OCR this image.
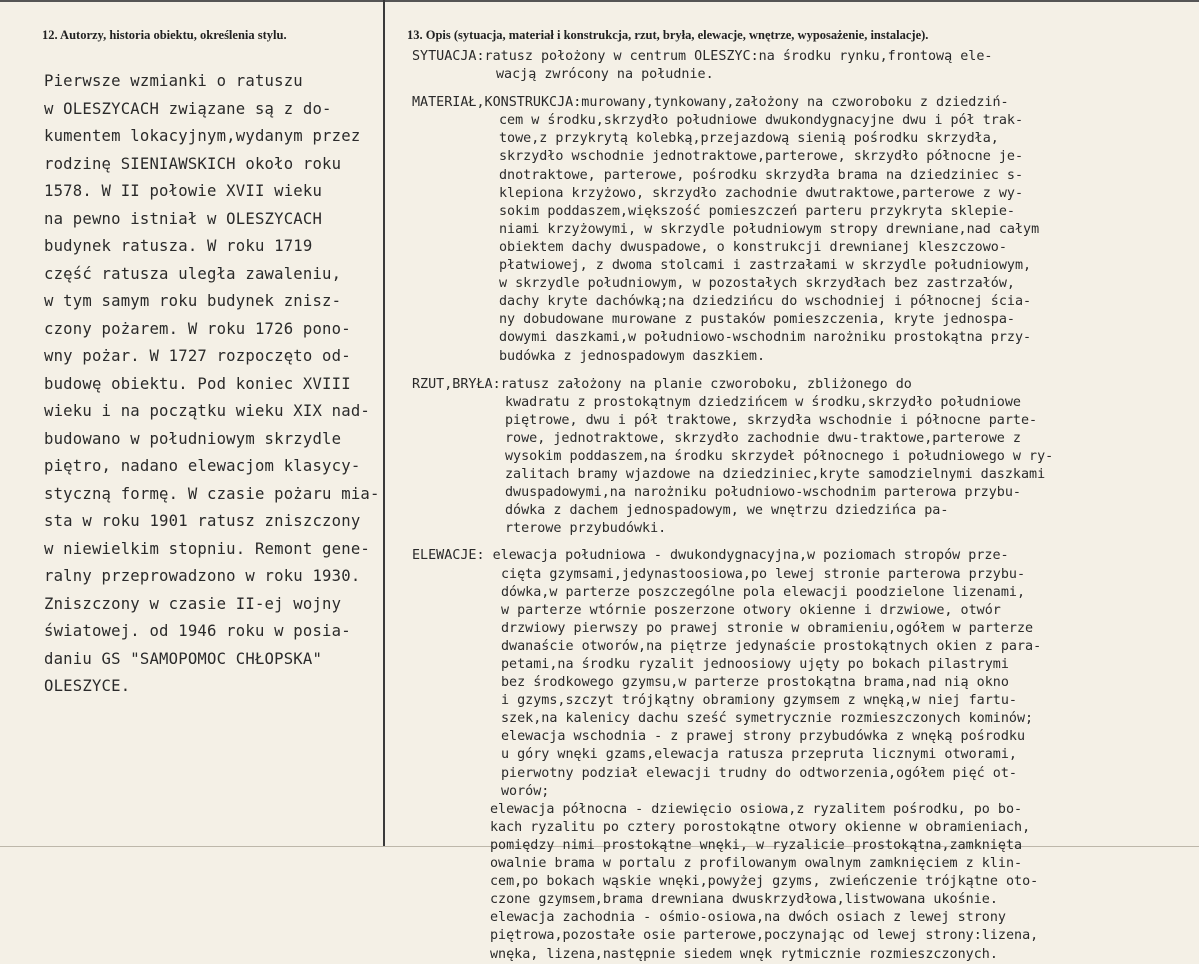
12. Autorzy, historia obiektu, określenia stylu.	13. Opis (sytuacja, materiał i konstrukcja, rzut, bryła, elewacje, wnętrze, wyposażenie, instalacje).
Pierwsze wzmianki o ratuszu
w OLESZYCACH związane są z do-
kumentem lokacyjnym,wydanym przez
rodzinę SIENIAWSKICH około roku
1578. W II połowie XVII wieku
na pewno istniał w OLESZYCACH
budynek ratusza. W roku 1719
część ratusza uległa zawaleniu,
w tym samym roku budynek znisz-
czony pożarem. W roku 1726 pono-
wny pożar. W 1727 rozpoczęto od-
budowę obiektu. Pod koniec XVIII
wieku i na początku wieku XIX nad-
budowano w południowym skrzydle
piętro, nadano elewacjom klasycy-
styczną formę. W czasie pożaru mia-
sta w roku 1901 ratusz zniszczony
w niewielkim stopniu. Remont gene-
ralny przeprowadzono w roku 1930.
Zniszczony w czasie II-ej wojny
światowej. od 1946 roku w posia-
daniu GS "SAMOPOMOC CHŁOPSKA"
OLESZYCE.
SYTUACJA:ratusz położony w centrum OLESZYC:na środku rynku,frontową ele-
wacją zwrócony na południe.
MATERIAŁ,KONSTRUKCJA:murowany,tynkowany,założony na czworoboku z dziedziń-
cem w środku,skrzydło południowe dwukondygnacyjne dwu i pół trak-
towe,z przykrytą kolebką,przejazdową sienią pośrodku skrzydła,
skrzydło wschodnie jednotraktowe,parterowe, skrzydło północne je-
dnotraktowe, parterowe, pośrodku skrzydła brama na dziedziniec s-
klepiona krzyżowo, skrzydło zachodnie dwutraktowe,parterowe z wy-
sokim poddaszem,większość pomieszczeń parteru przykryta sklepie-
niami krzyżowymi, w skrzydle południowym stropy drewniane,nad całym
obiektem dachy dwuspadowe, o konstrukcji drewnianej kleszczowo-
płatwiowej, z dwoma stolcami i zastrzałami w skrzydle południowym,
w skrzydle południowym, w pozostałych skrzydłach bez zastrzałów,
dachy kryte dachówką;na dziedzińcu do wschodniej i północnej ścia-
ny dobudowane murowane z pustaków pomieszczenia, kryte jednospa-
dowymi daszkami,w południowo-wschodnim narożniku prostokątna przy-
budówka z jednospadowym daszkiem.
RZUT,BRYŁA:ratusz założony na planie czworoboku, zbliżonego do
kwadratu z prostokątnym dziedzińcem w środku,skrzydło południowe
piętrowe, dwu i pół traktowe, skrzydła wschodnie i północne parte-
rowe, jednotraktowe, skrzydło zachodnie dwu-traktowe,parterowe z
wysokim poddaszem,na środku skrzydeł północnego i południowego w ry-
zalitach bramy wjazdowe na dziedziniec,kryte samodzielnymi daszkami
dwuspadowymi,na narożniku południowo-wschodnim parterowa przybu-
dówka z dachem jednospadowym, we wnętrzu dziedzińca pa-
rterowe przybudówki.
ELEWACJE: elewacja południowa - dwukondygnacyjna,w poziomach stropów prze-
cięta gzymsami,jedynastoosiowa,po lewej stronie parterowa przybu-
dówka,w parterze poszczególne pola elewacji poodzielone lizenami,
w parterze wtórnie poszerzone otwory okienne i drzwiowe, otwór
drzwiowy pierwszy po prawej stronie w obramieniu,ogółem w parterze
dwanaście otworów,na piętrze jedynaście prostokątnych okien z para-
petami,na środku ryzalit jednoosiowy ujęty po bokach pilastrymi
bez środkowego gzymsu,w parterze prostokątna brama,nad nią okno
i gzyms,szczyt trójkątny obramiony gzymsem z wnęką,w niej fartu-
szek,na kalenicy dachu sześć symetrycznie rozmieszczonych kominów;
elewacja wschodnia - z prawej strony przybudówka z wnęką pośrodku
u góry wnęki gzams,elewacja ratusza przepruta licznymi otworami,
pierwotny podział elewacji trudny do odtworzenia,ogółem pięć ot-
worów;
elewacja północna - dziewięcio osiowa,z ryzalitem pośrodku, po bo-
kach ryzalitu po cztery porostokątne otwory okienne w obramieniach,
pomiędzy nimi prostokątne wnęki, w ryzalicie prostokątna,zamknięta
owalnie brama w portalu z profilowanym owalnym zamknięciem z klin-
cem,po bokach wąskie wnęki,powyżej gzyms, zwieńczenie trójkątne oto-
czone gzymsem,brama drewniana dwuskrzydłowa,listwowana ukośnie.
elewacja zachodnia - ośmio-osiowa,na dwóch osiach z lewej strony
piętrowa,pozostałe osie parterowe,poczynając od lewej strony:lizena,
wnęka, lizena,następnie siedem wnęk rytmicznie rozmieszczonych.
